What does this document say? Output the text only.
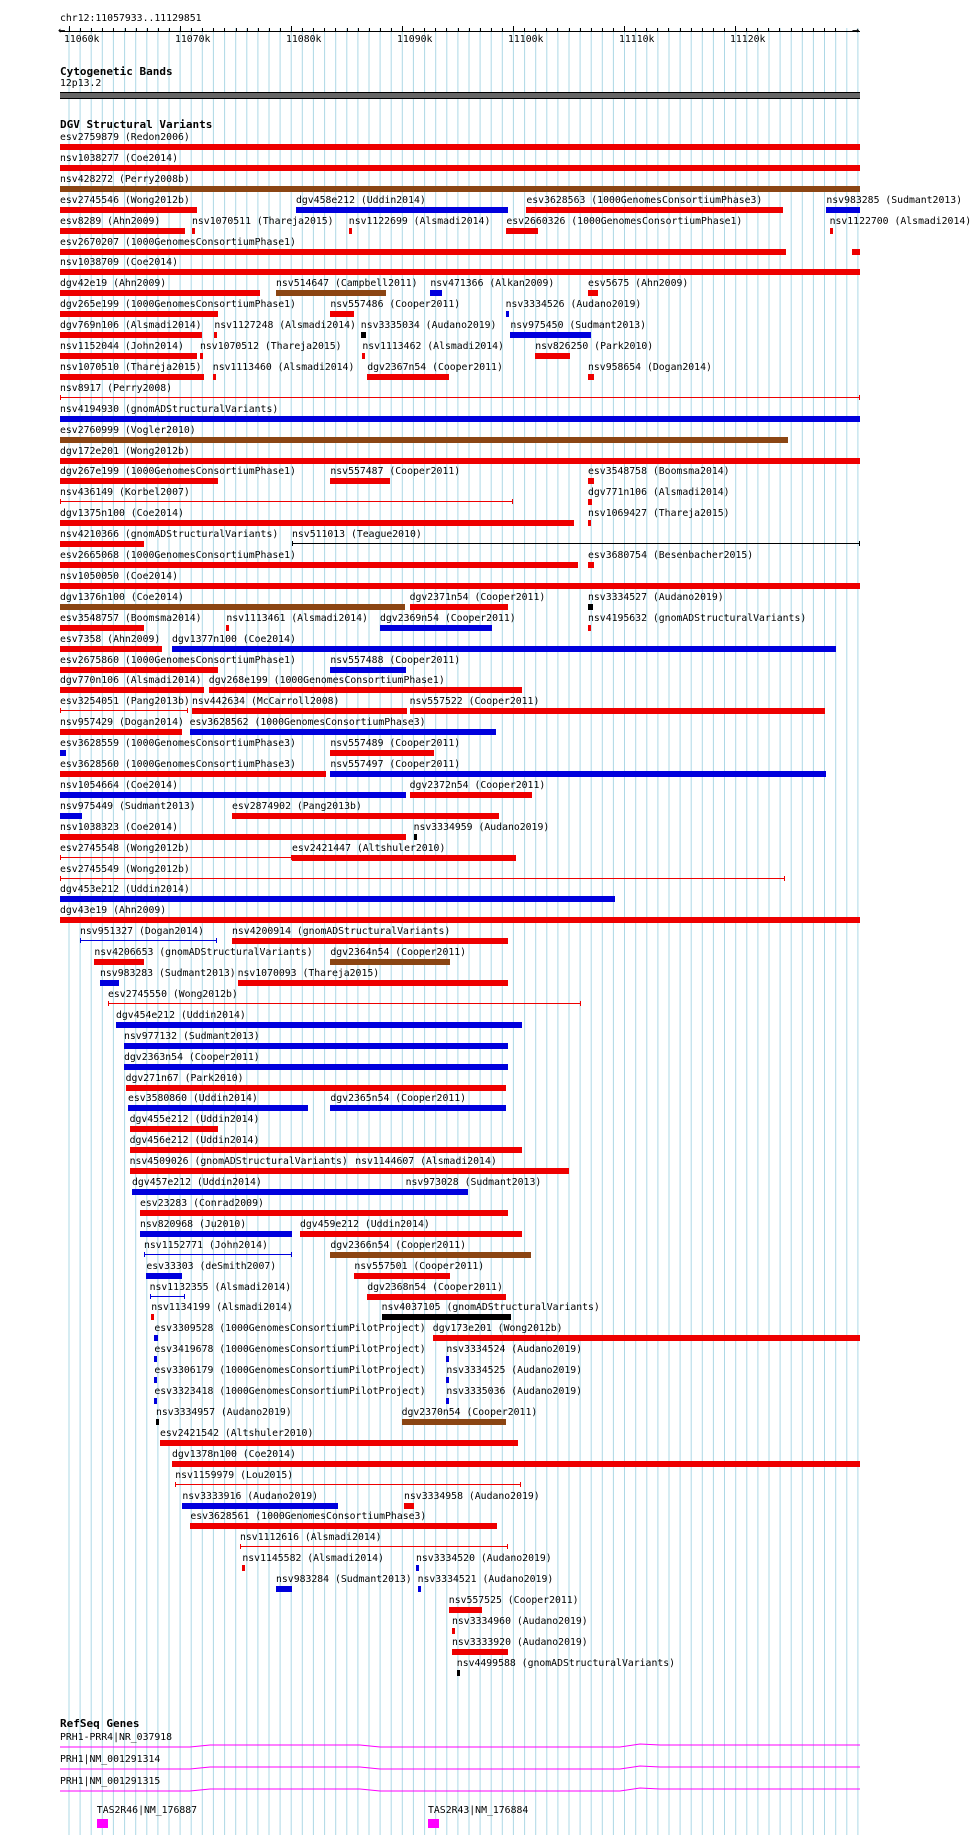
chr12:11057933..11129851
←	→
11060k	11070k	11080k	11090k	11100k	11110k	11120k
Cytogenetic Bands
12p13.2
DGV Structural Variants
esv2759879 (Redon2006)
nsv1038277 (Coe2014)
nsv428272 (Perry2008b)
esv2745546 (Wong2012b)	dgv458e212 (Uddin2014)	esv3628563 (1000GenomesConsortiumPhase3)	nsv983285 (Sudmant2013)
esv8289 (Ahn2009)	nsv1070511 (Thareja2015) nsv1122699 (Alsmadi2014) esv2660326 (1000GenomesConsortiumPhase1)	nsv1122700 (Alsmadi2014)
esv2670207 (1000GenomesConsortiumPhase1)
nsv1038709 (Coe2014)
dgv42e19 (Ahn2009)	nsv514647 (Campbell2011) nsv471366 (Alkan2009)	esv5675 (Ahn2009)
dgv265e199 (1000GenomesConsortiumPhase1)	nsv557486 (Cooper2011)	nsv3334526 (Audano2019)
dgv769n106 (Alsmadi2014) nsv1127248 (Alsmadi2014) nsv3335034 (Audano2019) nsv975450 (Sudmant2013)
nsv1152044 (John2014) nsv1070512 (Thareja2015) nsv1113462 (Alsmadi2014)	nsv826250 (Park2010)
nsv1070510 (Thareja2015) nsv1113460 (Alsmadi2014) dgv2367n54 (Cooper2011)	nsv958654 (Dogan2014)
nsv8917 (Perry2008)
nsv4194930 (gnomADStructuralVariants)
esv2760999 (Vogler2010)
dgv172e201 (Wong2012b)
dgv267e199 (1000GenomesConsortiumPhase1)	nsv557487 (Cooper2011)	esv3548758 (Boomsma2014)
nsv436149 (Korbel2007)	dgv771n106 (Alsmadi2014)
dgv1375n100 (Coe2014)	nsv1069427 (Thareja2015)
nsv4210366 (gnomADStructuralVariants) nsv511013 (Teague2010)
esv2665068 (1000GenomesConsortiumPhase1)	esv3680754 (Besenbacher2015)
nsv1050050 (Coe2014)
dgv1376n100 (Coe2014)	dgv2371n54 (Cooper2011)	nsv3334527 (Audano2019)
esv3548757 (Boomsma2014)	nsv1113461 (Alsmadi2014) dgv2369n54 (Cooper2011)	nsv4195632 (gnomADStructuralVariants)
esv7358 (Ahn2009) dgv1377n100 (Coe2014)
esv2675860 (1000GenomesConsortiumPhase1)	nsv557488 (Cooper2011)
dgv770n106 (Alsmadi2014) dgv268e199 (1000GenomesConsortiumPhase1)
esv3254051 (Pang2013b) nsv442634 (McCarroll2008)	nsv557522 (Cooper2011)
nsv957429 (Dogan2014) esv3628562 (1000GenomesConsortiumPhase3)
esv3628559 (1000GenomesConsortiumPhase3)	nsv557489 (Cooper2011)
esv3628560 (1000GenomesConsortiumPhase3)	nsv557497 (Cooper2011)
nsv1054664 (Coe2014)	dgv2372n54 (Cooper2011)
nsv975449 (Sudmant2013)	esv2874902 (Pang2013b)
nsv1038323 (Coe2014)	nsv3334959 (Audano2019)
esv2745548 (Wong2012b)	esv2421447 (Altshuler2010)
esv2745549 (Wong2012b)
dgv453e212 (Uddin2014)
dgv43e19 (Ahn2009)
nsv951327 (Dogan2014)	nsv4200914 (gnomADStructuralVariants)
nsv4206653 (gnomADStructuralVariants) dgv2364n54 (Cooper2011)
nsv983283 (Sudmant2013) nsv1070093 (Thareja2015)
esv2745550 (Wong2012b)
dgv454e212 (Uddin2014)
nsv977132 (Sudmant2013)
dgv2363n54 (Cooper2011)
dgv271n67 (Park2010)
esv3580860 (Uddin2014)	dgv2365n54 (Cooper2011)
dgv455e212 (Uddin2014)
dgv456e212 (Uddin2014)
nsv4509026 (gnomADStructuralVariants) nsv1144607 (Alsmadi2014)
dgv457e212 (Uddin2014)	nsv973028 (Sudmant2013)
esv23283 (Conrad2009)
nsv820968 (Ju2010)	dgv459e212 (Uddin2014)
nsv1152771 (John2014)	dgv2366n54 (Cooper2011)
esv33303 (deSmith2007)	nsv557501 (Cooper2011)
nsv1132355 (Alsmadi2014)	dgv2368n54 (Cooper2011)
nsv1134199 (Alsmadi2014)	nsv4037105 (gnomADStructuralVariants)
esv3309528 (1000GenomesConsortiumPilotProject) dgv173e201 (Wong2012b)
esv3419678 (1000GenomesConsortiumPilotProject) nsv3334524 (Audano2019)
esv3306179 (1000GenomesConsortiumPilotProject) nsv3334525 (Audano2019)
esv3323418 (1000GenomesConsortiumPilotProject) nsv3335036 (Audano2019)
nsv3334957 (Audano2019)	dgv2370n54 (Cooper2011)
esv2421542 (Altshuler2010)
dgv1378n100 (Coe2014)
nsv1159979 (Lou2015)
nsv3333916 (Audano2019)	nsv3334958 (Audano2019)
esv3628561 (1000GenomesConsortiumPhase3)
nsv1112616 (Alsmadi2014)
nsv1145582 (Alsmadi2014)	nsv3334520 (Audano2019)
nsv983284 (Sudmant2013) nsv3334521 (Audano2019)
nsv557525 (Cooper2011)
nsv3334960 (Audano2019)
nsv3333920 (Audano2019)
nsv4499588 (gnomADStructuralVariants)
RefSeq Genes
PRH1-PRR4|NR_037918
PRH1|NM_001291314
PRH1|NM_001291315
TAS2R46|NM_176887	TAS2R43|NM_176884
